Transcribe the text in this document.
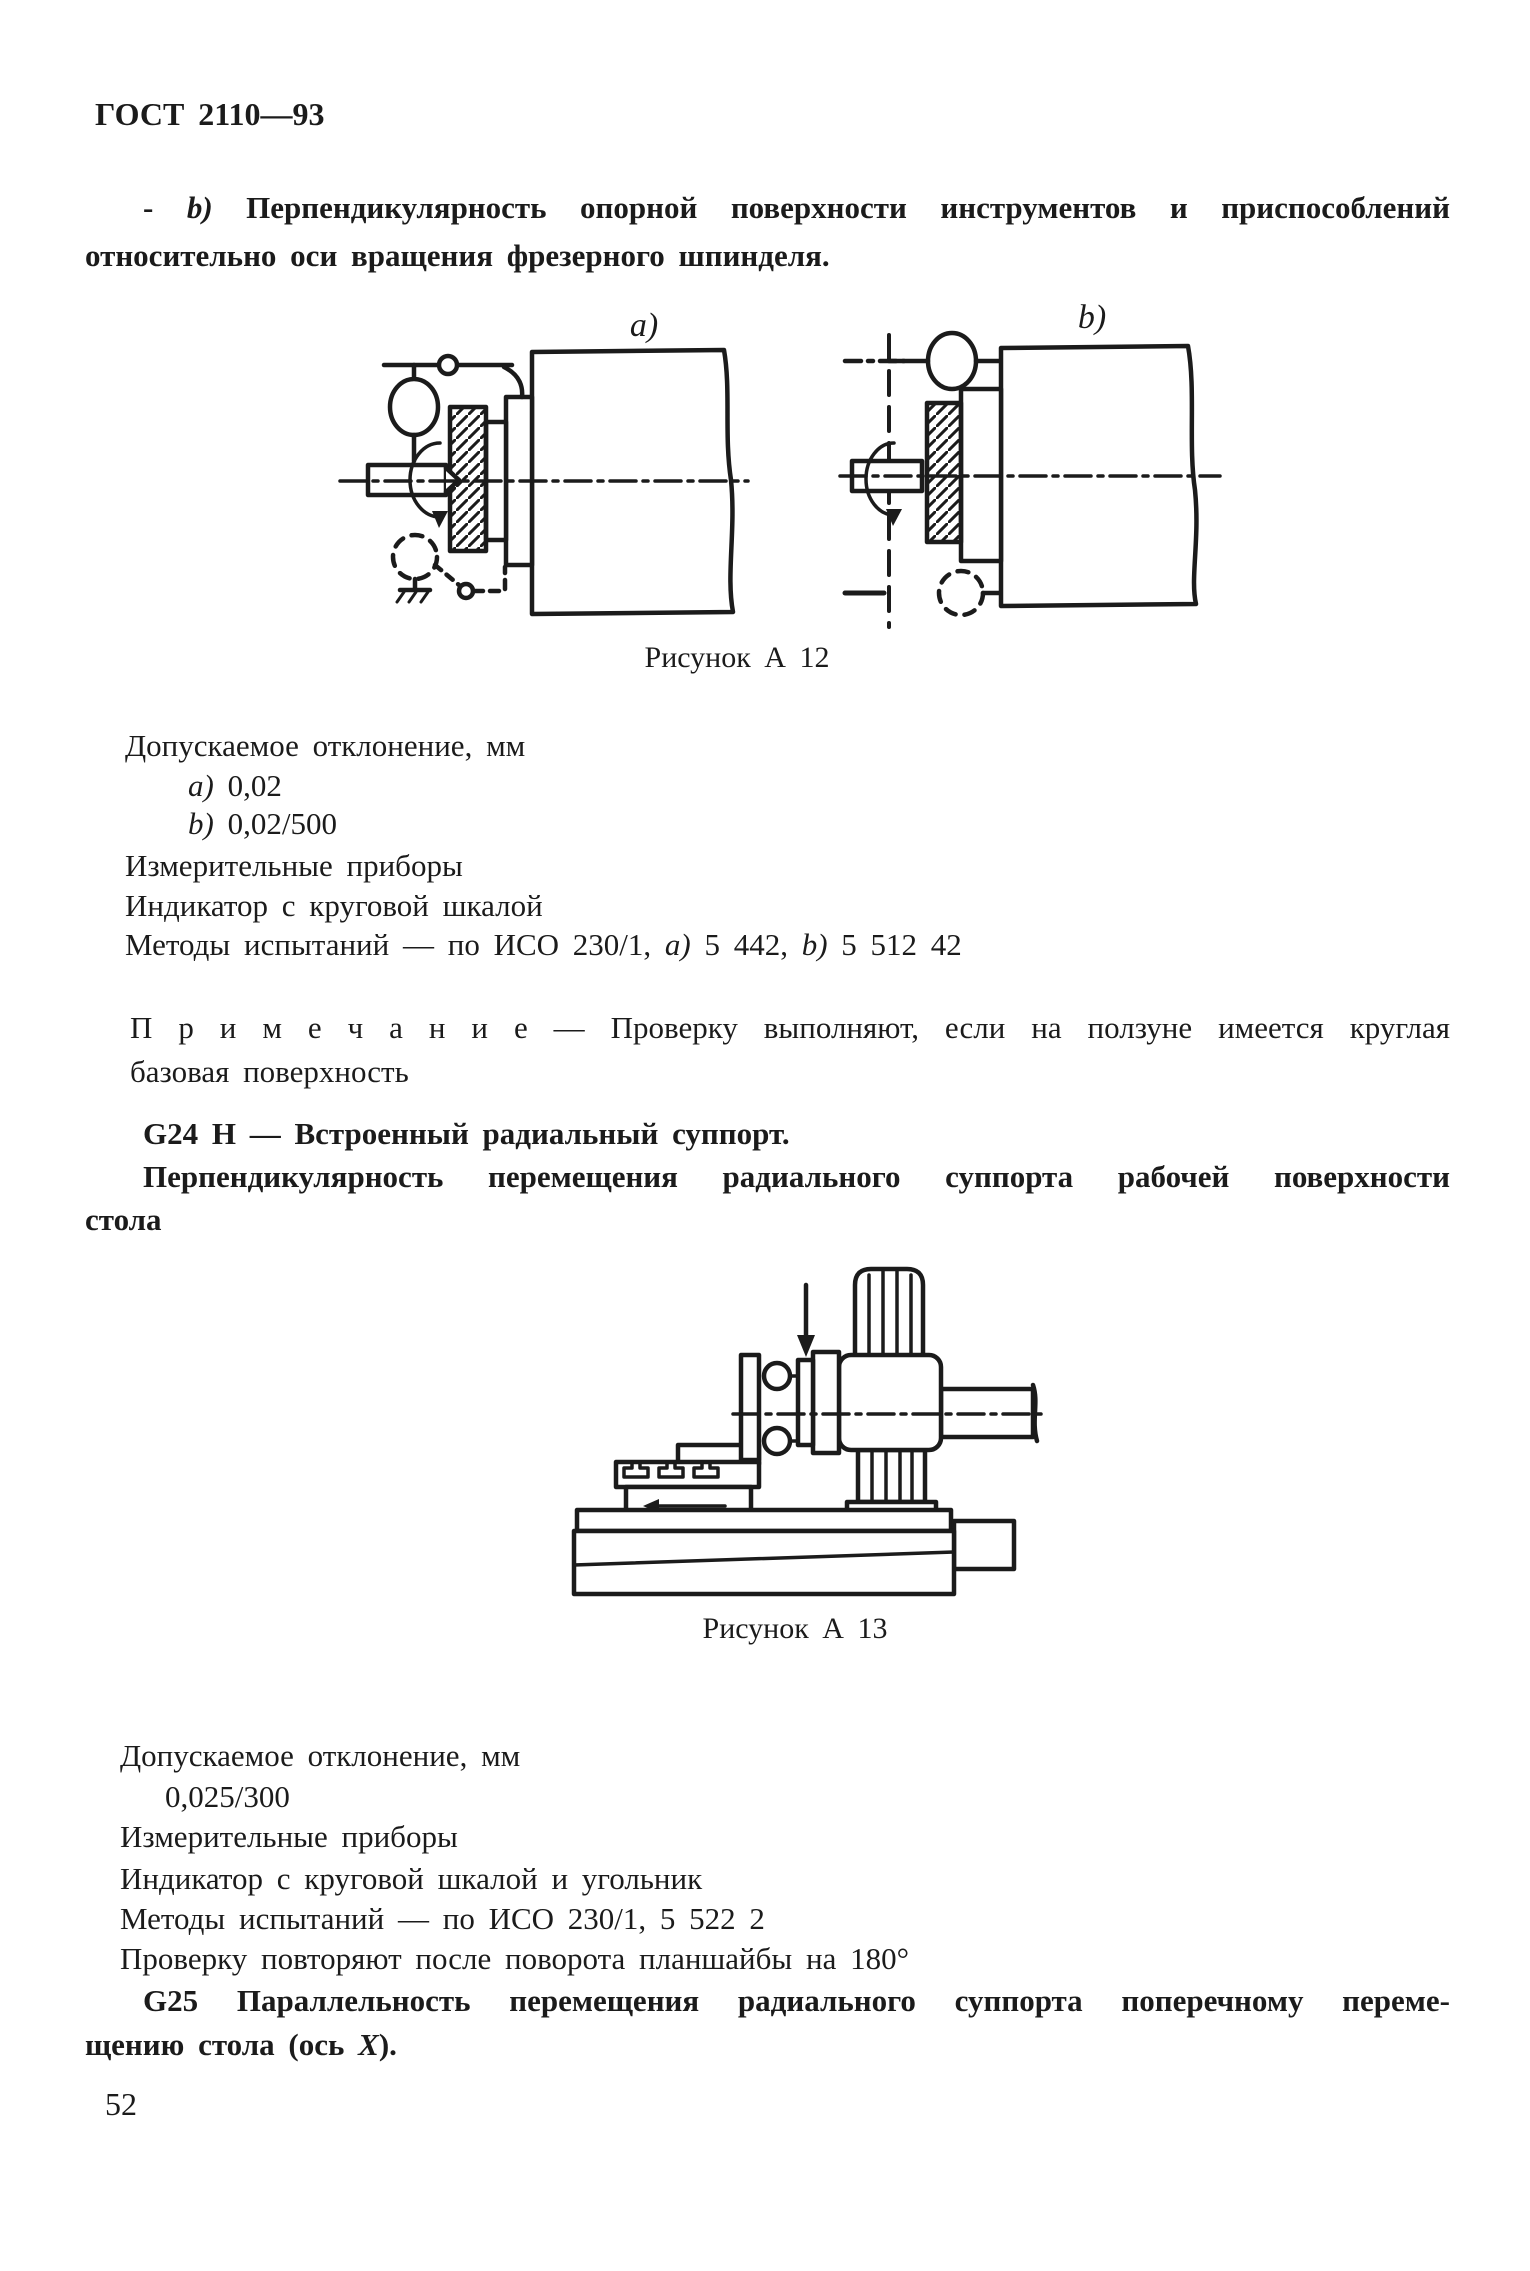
ГОСТ 2110—93
- b) Перпендикулярность опорной поверхности инструментов и приспособлений
относительно оси вращения фрезерного шпинделя.
a)	b)
Рисунок А 12
Допускаемое отклонение, мм
a) 0,02
b) 0,02/500
Измерительные приборы
Индикатор с круговой шкалой
Методы испытаний — по ИСО 230/1, a) 5 442, b) 5 512 42
П р и м е ч а н и е — Проверку выполняют, если на ползуне имеется круглая
базовая поверхность
G24 Н — Встроенный радиальный суппорт.
Перпендикулярность перемещения радиального суппорта рабочей поверхности
стола
Рисунок А 13
Допускаемое отклонение, мм
0,025/300
Измерительные приборы
Индикатор с круговой шкалой и угольник
Методы испытаний — по ИСО 230/1, 5 522 2
Проверку повторяют после поворота планшайбы на 180°
G25 Параллельность перемещения радиального суппорта поперечному переме-
щению стола (ось Х).
52
